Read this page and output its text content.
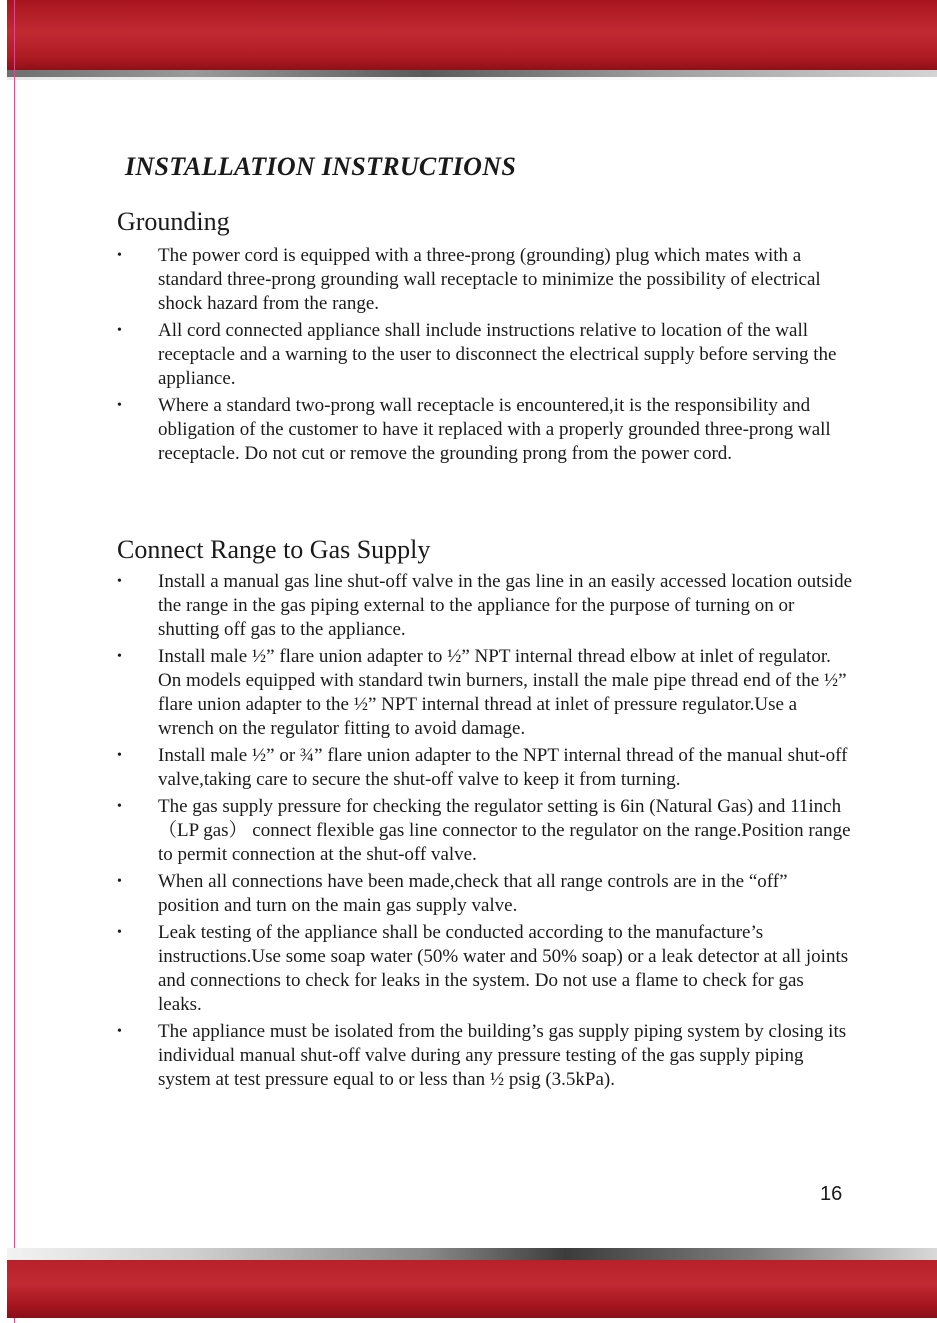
INSTALLATION INSTRUCTIONS
Grounding
• The power cord is equipped with a three-prong (grounding) plug which mates with a standard three-prong grounding wall receptacle to minimize the possibility of electrical shock hazard from the range.
• All cord connected appliance shall include instructions relative to location of the wall receptacle and a warning to the user to disconnect the electrical supply before serving the appliance.
• Where a standard two-prong wall receptacle is encountered,it is the responsibility and obligation of the customer to have it replaced with a properly grounded three-prong wall receptacle. Do not cut or remove the grounding prong from the power cord.
Connect Range to Gas Supply
• Install a manual gas line shut-off valve in the gas line in an easily accessed location outside the range in the gas piping external to the appliance for the purpose of turning on or shutting off gas to the appliance.
• Install male ½” flare union adapter to ½” NPT internal thread elbow at inlet of regulator. On models equipped with standard twin burners, install the male pipe thread end of the ½” flare union adapter to the ½” NPT internal thread at inlet of pressure regulator.Use a wrench on the regulator fitting to avoid damage.
• Install male ½” or ¾” flare union adapter to the NPT internal thread of the manual shut-off valve,taking care to secure the shut-off valve to keep it from turning.
• The gas supply pressure for checking the regulator setting is 6in (Natural Gas) and 11inch（LP gas） connect flexible gas line connector to the regulator on the range.Position range to permit connection at the shut-off valve.
• When all connections have been made,check that all range controls are in the “off” position and turn on the main gas supply valve.
• Leak testing of the appliance shall be conducted according to the manufacture’s instructions.Use some soap water (50% water and 50% soap) or a leak detector at all joints and connections to check for leaks in the system. Do not use a flame to check for gas leaks.
• The appliance must be isolated from the building’s gas supply piping system by closing its individual manual shut-off valve during any pressure testing of the gas supply piping system at test pressure equal to or less than ½ psig (3.5kPa).
16
